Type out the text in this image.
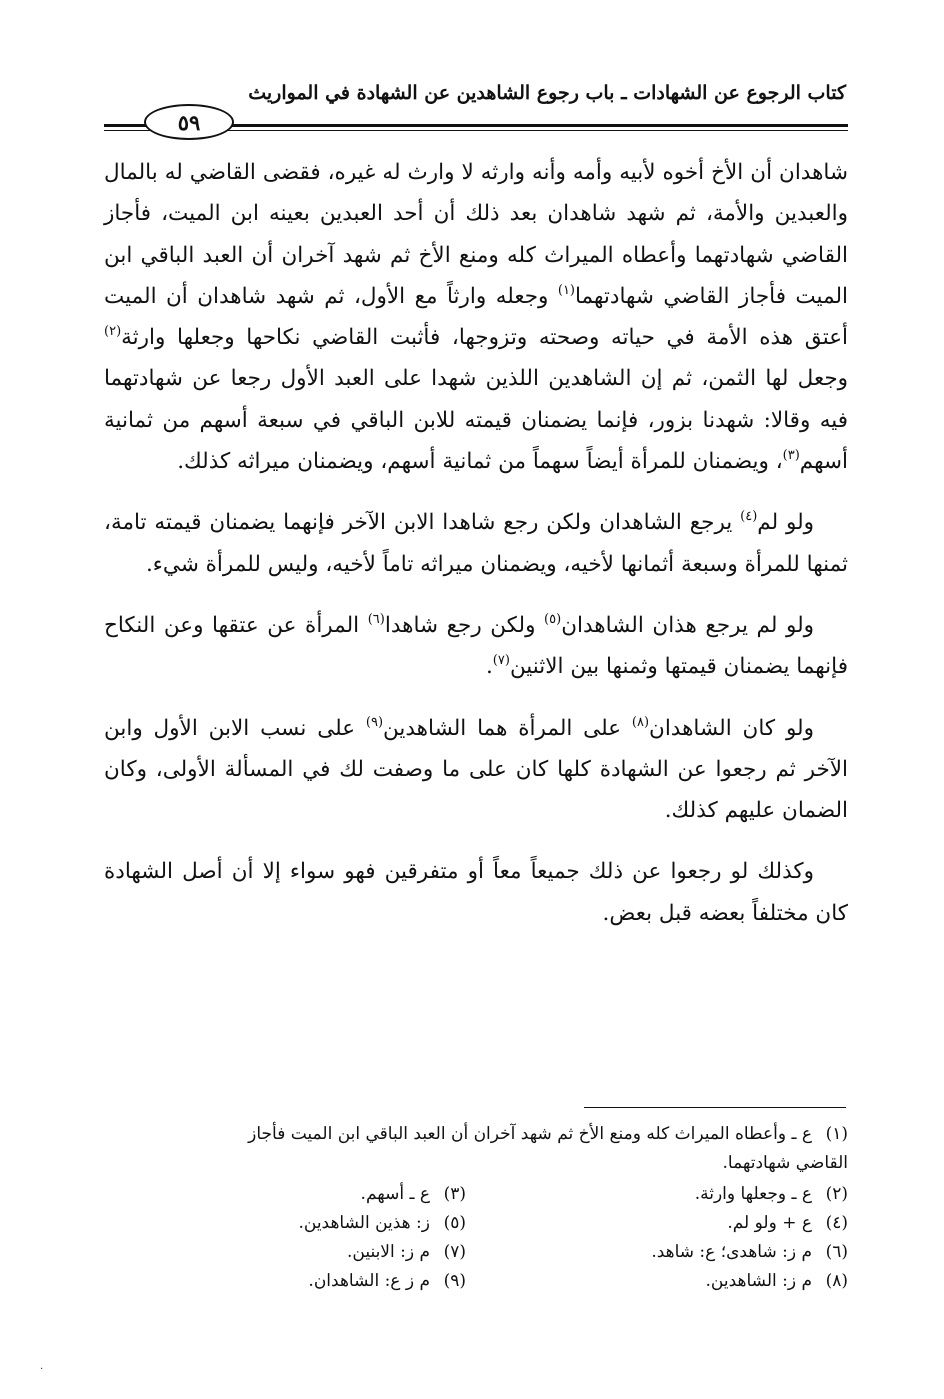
كتاب الرجوع عن الشهادات ـ باب رجوع الشاهدين عن الشهادة في المواريث
٥٩

شاهدان أن الأخ أخوه لأبيه وأمه وأنه وارثه لا وارث له غيره، فقضى القاضي له بالمال والعبدين والأمة، ثم شهد شاهدان بعد ذلك أن أحد العبدين بعينه ابن الميت، فأجاز القاضي شهادتهما وأعطاه الميراث كله ومنع الأخ ثم شهد آخران أن العبد الباقي ابن الميت فأجاز القاضي شهادتهما$^{(١)}$ وجعله وارثاً مع الأول، ثم شهد شاهدان أن الميت أعتق هذه الأمة في حياته وصحته وتزوجها، فأثبت القاضي نكاحها وجعلها وارثة$^{(٢)}$ وجعل لها الثمن، ثم إن الشاهدين اللذين شهدا على العبد الأول رجعا عن شهادتهما فيه وقالا: شهدنا بزور، فإنما يضمنان قيمته للابن الباقي في سبعة أسهم من ثمانية أسهم$^{(٣)}$، ويضمنان للمرأة أيضاً سهماً من ثمانية أسهم، ويضمنان ميراثه كذلك.

ولو لم$^{(٤)}$ يرجع الشاهدان ولكن رجع شاهدا الابن الآخر فإنهما يضمنان قيمته تامة، ثمنها للمرأة وسبعة أثمانها لأخيه، ويضمنان ميراثه تاماً لأخيه، وليس للمرأة شيء.

ولو لم يرجع هذان الشاهدان$^{(٥)}$ ولكن رجع شاهدا$^{(٦)}$ المرأة عن عتقها وعن النكاح فإنهما يضمنان قيمتها وثمنها بين الاثنين$^{(٧)}$.

ولو كان الشاهدان$^{(٨)}$ على المرأة هما الشاهدين$^{(٩)}$ على نسب الابن الأول وابن الآخر ثم رجعوا عن الشهادة كلها كان على ما وصفت لك في المسألة الأولى، وكان الضمان عليهم كذلك.

وكذلك لو رجعوا عن ذلك جميعاً معاً أو متفرقين فهو سواء إلا أن أصل الشهادة كان مختلفاً بعضه قبل بعض.

(١)ع ـ وأعطاه الميراث كله ومنع الأخ ثم شهد آخران أن العبد الباقي ابن الميت فأجاز

القاضي شهادتهما.

(٢)ع ـ وجعلها وارثة.
(٣)ع ـ أسهم.
(٤)ع + ولو لم.
(٥)ز: هذين الشاهدين.
(٦)م ز: شاهدى؛ ع: شاهد.
(٧)م ز: الابنين.
(٨)م ز: الشاهدين.
(٩)م ز ع: الشاهدان.
·
